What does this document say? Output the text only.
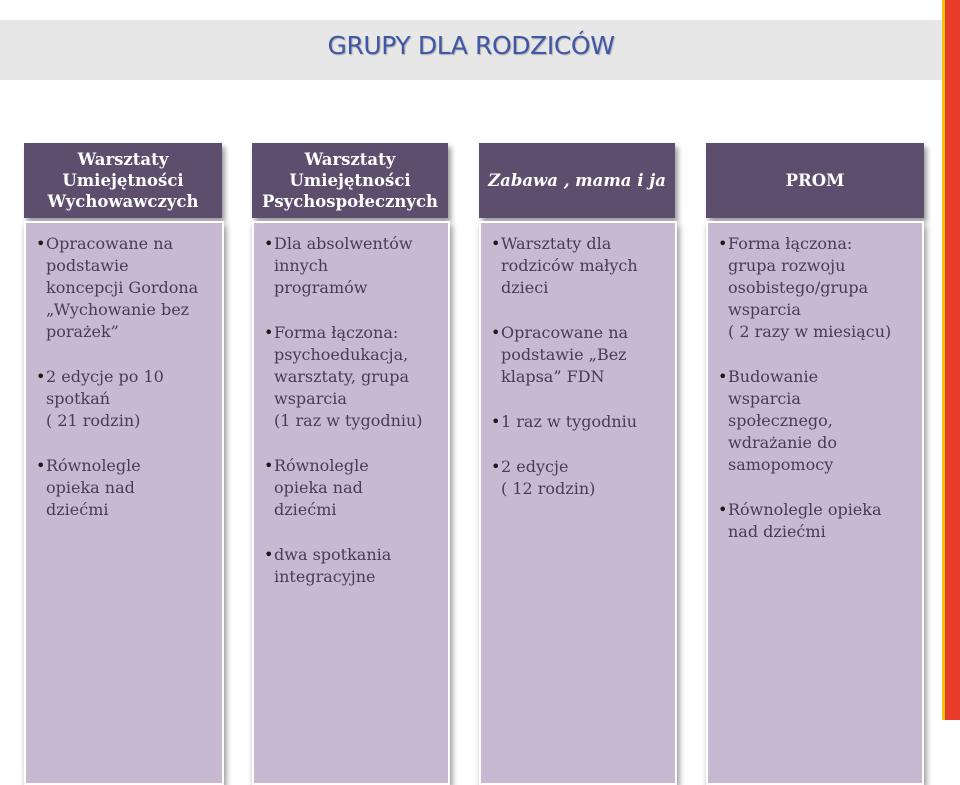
GRUPY DLA RODZICÓW
Warsztaty
Umiejętności
Wychowawczych
• Opracowane na
podstawie
koncepcji Gordona
„Wychowanie bez
porażek”
• 2 edycje po 10
spotkań
( 21 rodzin)
• Równolegle
opieka nad
dziećmi
Warsztaty
Umiejętności
Psychospołecznych
• Dla absolwentów
innych
programów
• Forma łączona:
psychoedukacja,
warsztaty, grupa
wsparcia
(1 raz w tygodniu)
• Równolegle
opieka nad
dziećmi
• dwa spotkania
integracyjne
Zabawa , mama i ja
• Warsztaty dla
rodziców małych
dzieci
• Opracowane na
podstawie „Bez
klapsa” FDN
• 1 raz w tygodniu
• 2 edycje
( 12 rodzin)
PROM
• Forma łączona:
grupa rozwoju
osobistego/grupa
wsparcia
( 2 razy w miesiącu)
• Budowanie
wsparcia
społecznego,
wdrażanie do
samopomocy
• Równolegle opieka
nad dziećmi
